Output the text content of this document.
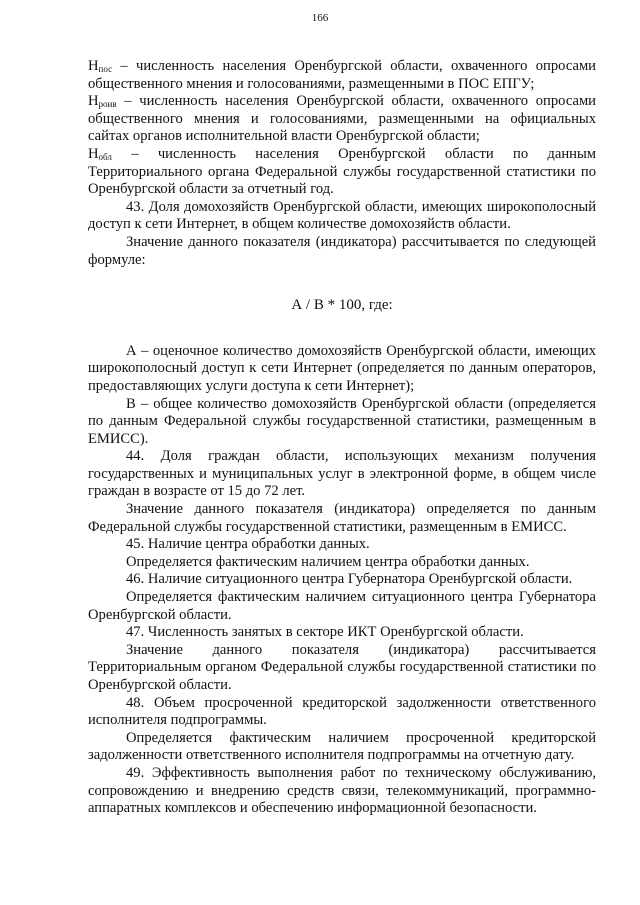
166

$Н_{пос}$ – численность населения Оренбургской области, охваченного опросами общественного мнения и голосованиями, размещенными в ПОС ЕПГУ;

$Н_{роив}$ – численность населения Оренбургской области, охваченного опросами общественного мнения и голосованиями, размещенными на официальных сайтах органов исполнительной власти Оренбургской области;

$Н_{обл}$ – численность населения Оренбургской области по данным Территориального органа Федеральной службы государственной статистики по Оренбургской области за отчетный год.

43. Доля домохозяйств Оренбургской области, имеющих широкополосный доступ к сети Интернет, в общем количестве домохозяйств области.

Значение данного показателя (индикатора) рассчитывается по следующей формуле:

А / В * 100, где:

А – оценочное количество домохозяйств Оренбургской области, имеющих широкополосный доступ к сети Интернет (определяется по данным операторов, предоставляющих услуги доступа к сети Интернет);

В – общее количество домохозяйств Оренбургской области (определяется по данным Федеральной службы государственной статистики, размещенным в ЕМИСС).

44. Доля граждан области, использующих механизм получения государственных и муниципальных услуг в электронной форме, в общем числе граждан в возрасте от 15 до 72 лет.

Значение данного показателя (индикатора) определяется по данным Федеральной службы государственной статистики, размещенным в ЕМИСС.

45. Наличие центра обработки данных.

Определяется фактическим наличием центра обработки данных.

46. Наличие ситуационного центра Губернатора Оренбургской области.

Определяется фактическим наличием ситуационного центра Губернатора Оренбургской области.

47. Численность занятых в секторе ИКТ Оренбургской области.

Значение данного показателя (индикатора) рассчитывается Территориальным органом Федеральной службы государственной статистики по Оренбургской области.

48. Объем просроченной кредиторской задолженности ответственного исполнителя подпрограммы.

Определяется фактическим наличием просроченной кредиторской задолженности ответственного исполнителя подпрограммы на отчетную дату.

49. Эффективность выполнения работ по техническому обслуживанию, сопровождению и внедрению средств связи, телекоммуникаций, программно-аппаратных комплексов и обеспечению информационной безопасности.
